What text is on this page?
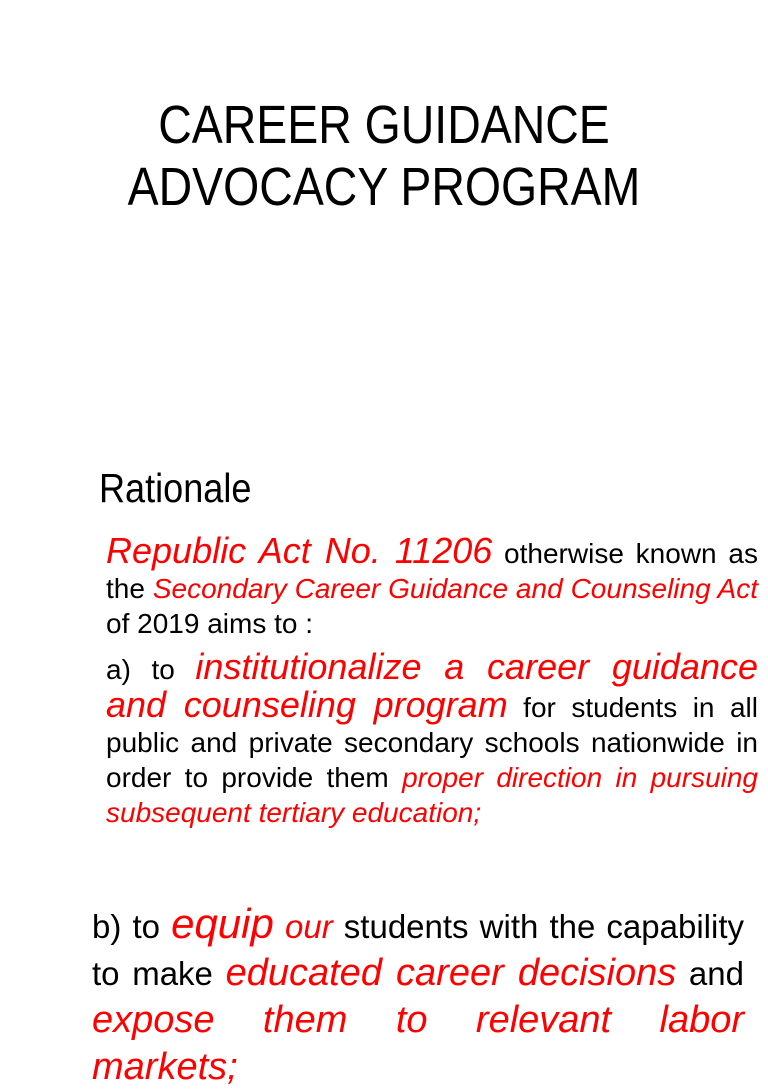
CAREER GUIDANCE
ADVOCACY PROGRAM
Rationale
Republic Act No. 11206 otherwise known as the Secondary Career Guidance and Counseling Act of 2019 aims to :
a) to institutionalize a career guidance and counseling program for students in all public and private secondary schools nationwide in order to provide them proper direction in pursuing subsequent tertiary education;
b) to equip our students with the capability to make educated career decisions and expose them to relevant labor markets;
